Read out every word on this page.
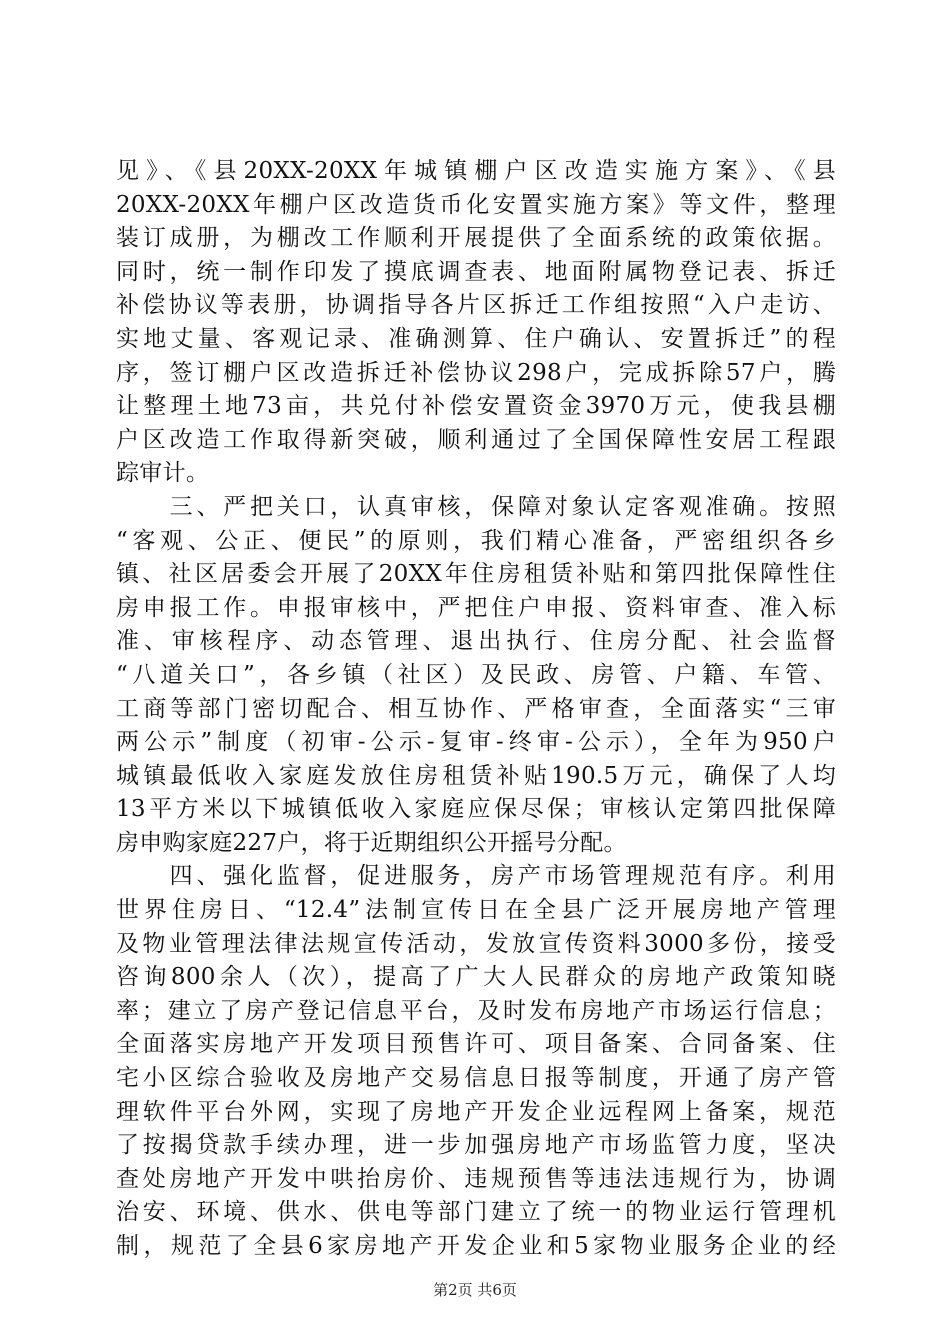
见》、《县20XX-20XX年城镇棚户区改造实施方案》、《县
20XX-20XX年棚户区改造货币化安置实施方案》等文件，整理
装订成册，为棚改工作顺利开展提供了全面系统的政策依据。
同时，统一制作印发了摸底调查表、地面附属物登记表、拆迁
补偿协议等表册，协调指导各片区拆迁工作组按照“入户走访、
实地丈量、客观记录、准确测算、住户确认、安置拆迁”的程
序，签订棚户区改造拆迁补偿协议298户，完成拆除57户，腾
让整理土地73亩，共兑付补偿安置资金3970万元，使我县棚
户区改造工作取得新突破，顺利通过了全国保障性安居工程跟
踪审计。
　　三、严把关口，认真审核，保障对象认定客观准确。按照
“客观、公正、便民”的原则，我们精心准备，严密组织各乡
镇、社区居委会开展了20XX年住房租赁补贴和第四批保障性住
房申报工作。申报审核中，严把住户申报、资料审查、准入标
准、审核程序、动态管理、退出执行、住房分配、社会监督
“八道关口”，各乡镇（社区）及民政、房管、户籍、车管、
工商等部门密切配合、相互协作、严格审查，全面落实“三审
两公示”制度（初审-公示-复审-终审-公示），全年为950户
城镇最低收入家庭发放住房租赁补贴190.5万元，确保了人均
13平方米以下城镇低收入家庭应保尽保；审核认定第四批保障
房申购家庭227户，将于近期组织公开摇号分配。
　　四、强化监督，促进服务，房产市场管理规范有序。利用
世界住房日、“12.4”法制宣传日在全县广泛开展房地产管理
及物业管理法律法规宣传活动，发放宣传资料3000多份，接受
咨询800余人（次），提高了广大人民群众的房地产政策知晓
率；建立了房产登记信息平台，及时发布房地产市场运行信息；
全面落实房地产开发项目预售许可、项目备案、合同备案、住
宅小区综合验收及房地产交易信息日报等制度，开通了房产管
理软件平台外网，实现了房地产开发企业远程网上备案，规范
了按揭贷款手续办理，进一步加强房地产市场监管力度，坚决
查处房地产开发中哄抬房价、违规预售等违法违规行为，协调
治安、环境、供水、供电等部门建立了统一的物业运行管理机
制，规范了全县6家房地产开发企业和5家物业服务企业的经
第2页 共6页
